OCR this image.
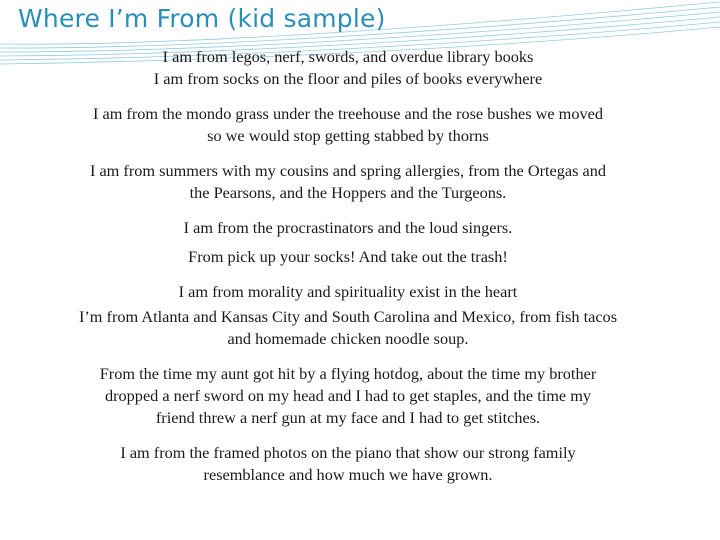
Where I’m From (kid sample)
I am from legos, nerf, swords, and overdue library books
I am from socks on the floor and piles of books everywhere
I am from the mondo grass under the treehouse and the rose bushes we moved
so we would stop getting stabbed by thorns
I am from summers with my cousins and spring allergies, from the Ortegas and
the Pearsons, and the Hoppers and the Turgeons.
I am from the procrastinators and the loud singers.
From pick up your socks! And take out the trash!
I am from morality and spirituality exist in the heart
I’m from Atlanta and Kansas City and South Carolina and Mexico, from fish tacos
and homemade chicken noodle soup.
From the time my aunt got hit by a flying hotdog, about the time my brother
dropped a nerf sword on my head and I had to get staples, and the time my
friend threw a nerf gun at my face and I had to get stitches.
I am from the framed photos on the piano that show our strong family
resemblance and how much we have grown.
